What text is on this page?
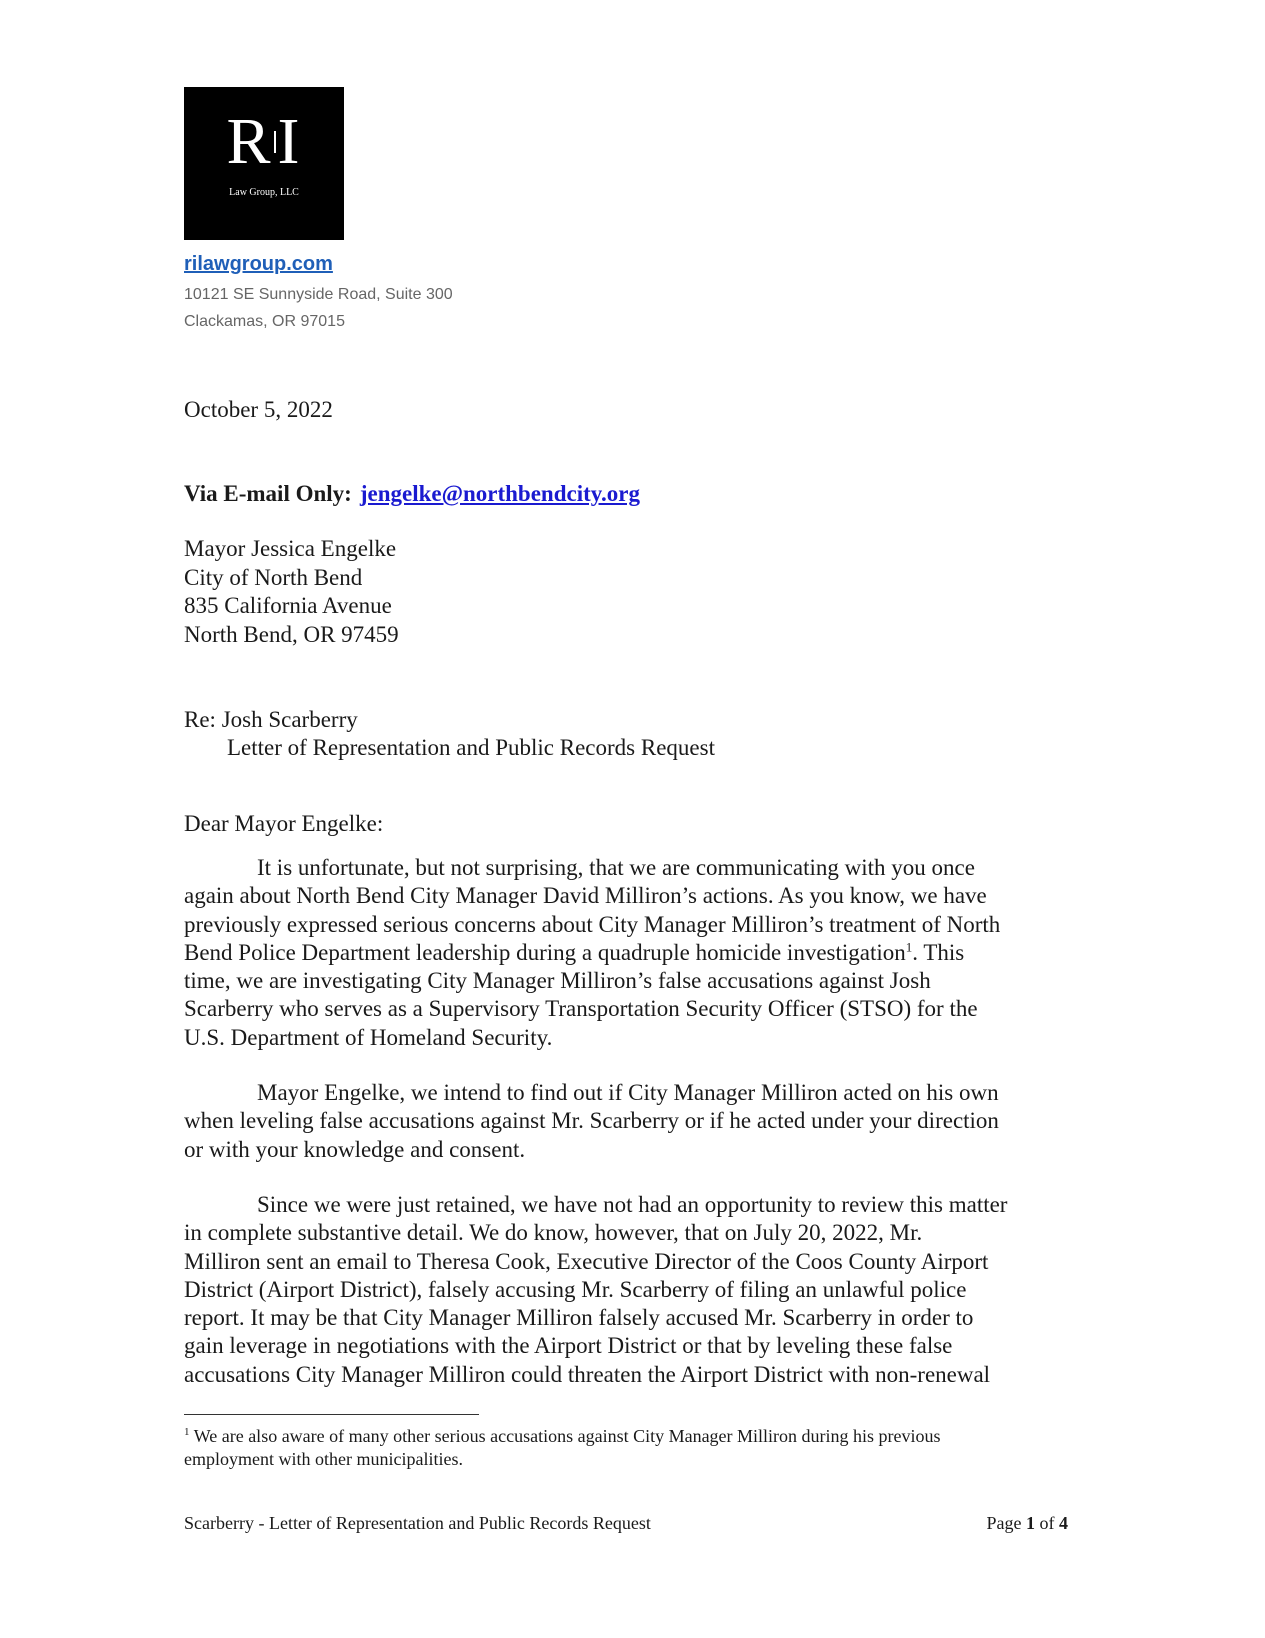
RI
Law Group, LLC
rilawgroup.com
10121 SE Sunnyside Road, Suite 300
Clackamas, OR 97015
October 5, 2022
Via E-mail Only: jengelke@northbendcity.org
Mayor Jessica Engelke
City of North Bend
835 California Avenue
North Bend, OR 97459
Re: Josh Scarberry
Letter of Representation and Public Records Request
Dear Mayor Engelke:
It is unfortunate, but not surprising, that we are communicating with you once
again about North Bend City Manager David Milliron’s actions. As you know, we have
previously expressed serious concerns about City Manager Milliron’s treatment of North
Bend Police Department leadership during a quadruple homicide investigation$^1$. This
time, we are investigating City Manager Milliron’s false accusations against Josh
Scarberry who serves as a Supervisory Transportation Security Officer (STSO) for the
U.S. Department of Homeland Security.
Mayor Engelke, we intend to find out if City Manager Milliron acted on his own
when leveling false accusations against Mr. Scarberry or if he acted under your direction
or with your knowledge and consent.
Since we were just retained, we have not had an opportunity to review this matter
in complete substantive detail. We do know, however, that on July 20, 2022, Mr.
Milliron sent an email to Theresa Cook, Executive Director of the Coos County Airport
District (Airport District), falsely accusing Mr. Scarberry of filing an unlawful police
report. It may be that City Manager Milliron falsely accused Mr. Scarberry in order to
gain leverage in negotiations with the Airport District or that by leveling these false
accusations City Manager Milliron could threaten the Airport District with non-renewal
$^1$ We are also aware of many other serious accusations against City Manager Milliron during his previous
employment with other municipalities.
Scarberry - Letter of Representation and Public Records Request	Page 1 of 4
